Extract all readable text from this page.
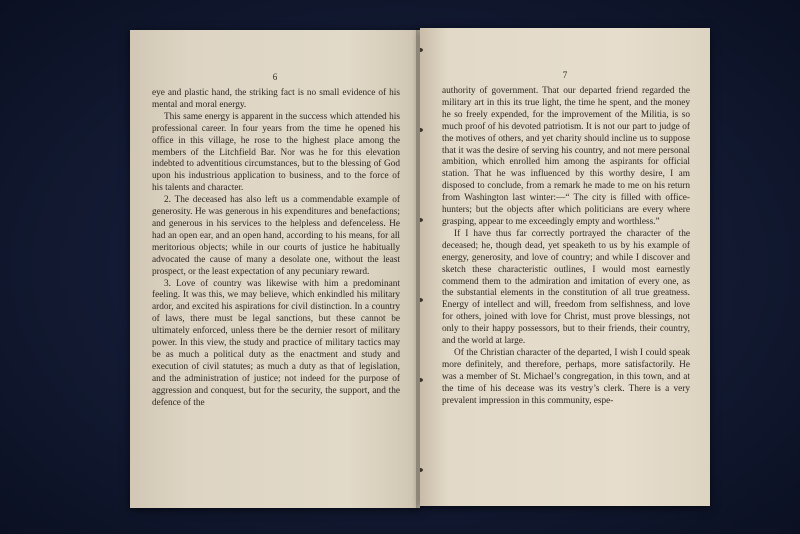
6

eye and plastic hand, the striking fact is no small evidence of his mental and moral energy.

This same energy is apparent in the success which attended his professional career. In four years from the time he opened his office in this village, he rose to the highest place among the members of the Litchfield Bar. Nor was he for this elevation indebted to adventitious circumstances, but to the blessing of God upon his industrious application to business, and to the force of his talents and character.

2. The deceased has also left us a commendable example of generosity. He was generous in his expenditures and benefactions; and generous in his services to the helpless and defenceless. He had an open ear, and an open hand, according to his means, for all meritorious objects; while in our courts of justice he habitually advocated the cause of many a desolate one, without the least prospect, or the least expectation of any pecuniary reward.

3. Love of country was likewise with him a predominant feeling. It was this, we may believe, which enkindled his military ardor, and excited his aspirations for civil distinction. In a country of laws, there must be legal sanctions, but these cannot be ultimately enforced, unless there be the dernier resort of military power. In this view, the study and practice of military tactics may be as much a political duty as the enactment and study and execution of civil statutes; as much a duty as that of legislation, and the administration of justice; not indeed for the purpose of aggression and conquest, but for the security, the support, and the defence of the

7

authority of government. That our departed friend regarded the military art in this its true light, the time he spent, and the money he so freely expended, for the improvement of the Militia, is so much proof of his devoted patriotism. It is not our part to judge of the motives of others, and yet charity should incline us to suppose that it was the desire of serving his country, and not mere personal ambition, which enrolled him among the aspirants for official station. That he was influenced by this worthy desire, I am disposed to conclude, from a remark he made to me on his return from Washington last winter:—“ The city is filled with office-hunters; but the objects after which politicians are every where grasping, appear to me exceedingly empty and worthless.”

If I have thus far correctly portrayed the character of the deceased; he, though dead, yet speaketh to us by his example of energy, generosity, and love of country; and while I discover and sketch these characteristic outlines, I would most earnestly commend them to the admiration and imitation of every one, as the substantial elements in the constitution of all true greatness. Energy of intellect and will, freedom from selfishness, and love for others, joined with love for Christ, must prove blessings, not only to their happy possessors, but to their friends, their country, and the world at large.

Of the Christian character of the departed, I wish I could speak more definitely, and therefore, perhaps, more satisfactorily. He was a member of St. Michael’s congregation, in this town, and at the time of his decease was its vestry’s clerk. There is a very prevalent impression in this community, espe-
